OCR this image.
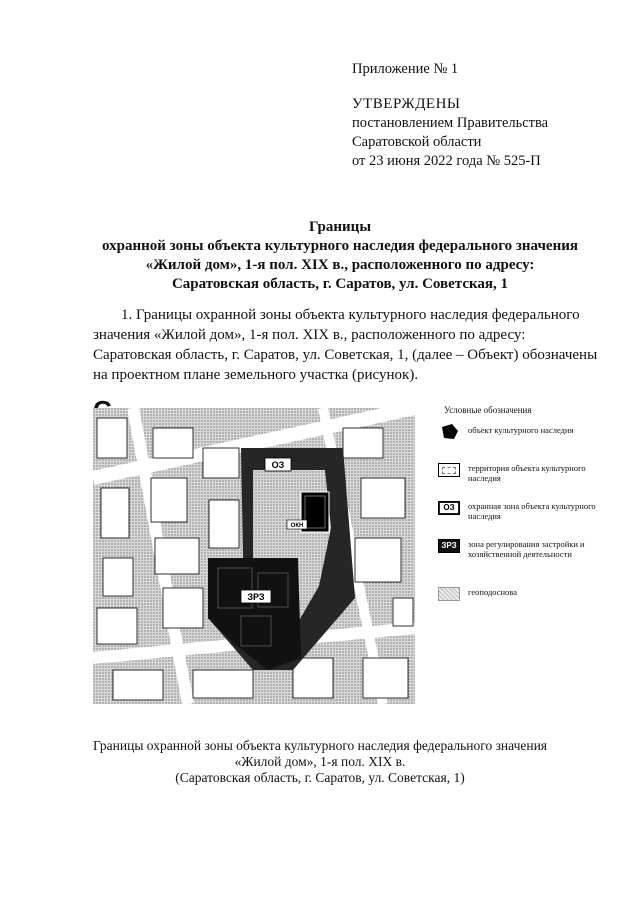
Приложение № 1
УТВЕРЖДЕНЫ
постановлением Правительства
Саратовской области
от 23 июня 2022 года № 525-П
Границы
охранной зоны объекта культурного наследия федерального значения
«Жилой дом», 1-я пол. XIX в., расположенного по адресу:
Саратовская область, г. Саратов, ул. Советская, 1
1. Границы охранной зоны объекта культурного наследия федерального значения «Жилой дом», 1-я пол. XIX в., расположенного по адресу: Саратовская область, г. Саратов, ул. Советская, 1, (далее – Объект) обозначены на проектном плане земельного участка (рисунок).
ОЗ
ЗРЗ
ОКН
Условные обозначения
объект культурного наследия
территория объекта культурного наследия
ОЗ	охранная зона объекта культурного наследия
ЗРЗ	зона регулирования застройки и хозяйственной деятельности
геоподоснова
Границы охранной зоны объекта культурного наследия федерального значения
«Жилой дом», 1-я пол. XIX в.
(Саратовская область, г. Саратов, ул. Советская, 1)
